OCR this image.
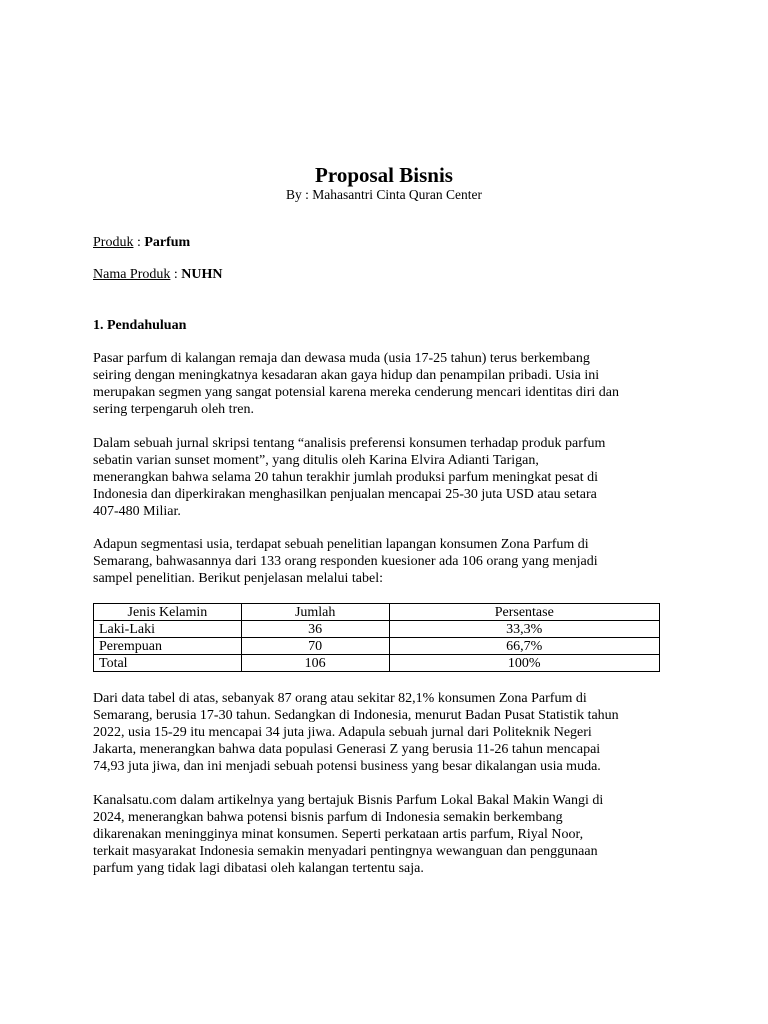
Proposal Bisnis
By : Mahasantri Cinta Quran Center
Produk : Parfum
Nama Produk : NUHN
1. Pendahuluan
Pasar parfum di kalangan remaja dan dewasa muda (usia 17-25 tahun) terus berkembang
seiring dengan meningkatnya kesadaran akan gaya hidup dan penampilan pribadi. Usia ini
merupakan segmen yang sangat potensial karena mereka cenderung mencari identitas diri dan
sering terpengaruh oleh tren.
Dalam sebuah jurnal skripsi tentang “analisis preferensi konsumen terhadap produk parfum
sebatin varian sunset moment”, yang ditulis oleh Karina Elvira Adianti Tarigan,
menerangkan bahwa selama 20 tahun terakhir jumlah produksi parfum meningkat pesat di
Indonesia dan diperkirakan menghasilkan penjualan mencapai 25-30 juta USD atau setara
407-480 Miliar.
Adapun segmentasi usia, terdapat sebuah penelitian lapangan konsumen Zona Parfum di
Semarang, bahwasannya dari 133 orang responden kuesioner ada 106 orang yang menjadi
sampel penelitian. Berikut penjelasan melalui tabel:
Jenis Kelamin	Jumlah	Persentase
Laki-Laki	36	33,3%
Perempuan	70	66,7%
Total	106	100%
Dari data tabel di atas, sebanyak 87 orang atau sekitar 82,1% konsumen Zona Parfum di
Semarang, berusia 17-30 tahun. Sedangkan di Indonesia, menurut Badan Pusat Statistik tahun
2022, usia 15-29 itu mencapai 34 juta jiwa. Adapula sebuah jurnal dari Politeknik Negeri
Jakarta, menerangkan bahwa data populasi Generasi Z yang berusia 11-26 tahun mencapai
74,93 juta jiwa, dan ini menjadi sebuah potensi business yang besar dikalangan usia muda.
Kanalsatu.com dalam artikelnya yang bertajuk Bisnis Parfum Lokal Bakal Makin Wangi di
2024, menerangkan bahwa potensi bisnis parfum di Indonesia semakin berkembang
dikarenakan meningginya minat konsumen. Seperti perkataan artis parfum, Riyal Noor,
terkait masyarakat Indonesia semakin menyadari pentingnya wewanguan dan penggunaan
parfum yang tidak lagi dibatasi oleh kalangan tertentu saja.
